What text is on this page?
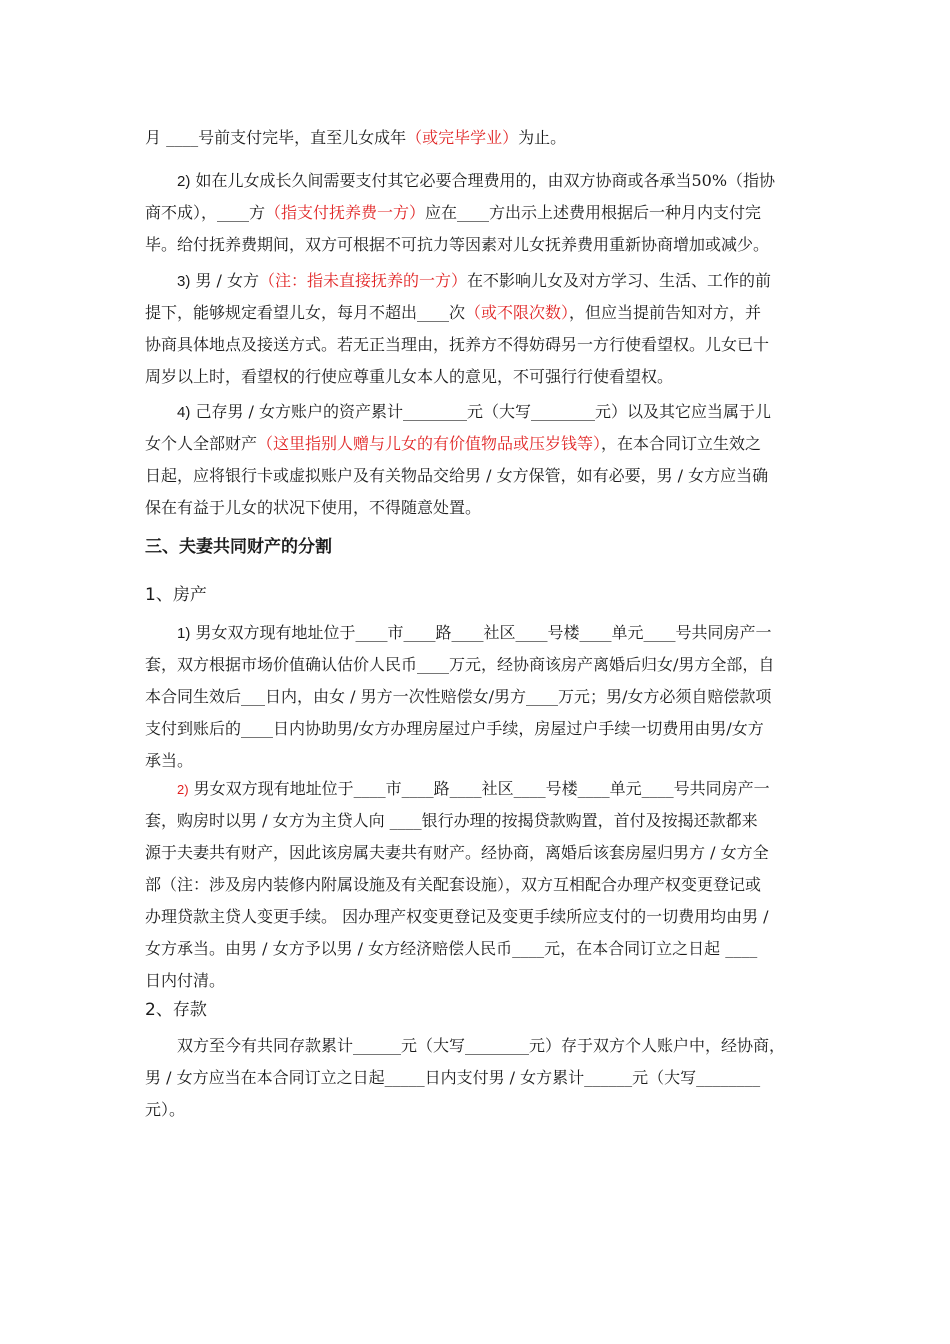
月 ____号前支付完毕，直至儿女成年（或完毕学业）为止。
　　2) 如在儿女成长久间需要支付其它必要合理费用的，由双方协商或各承当50%（指协
商不成），____方（指支付抚养费一方）应在____方出示上述费用根据后一种月内支付完
毕。给付抚养费期间，双方可根据不可抗力等因素对儿女抚养费用重新协商增加或减少。
　　3) 男 / 女方（注：指未直接抚养的一方）在不影响儿女及对方学习、生活、工作的前
提下，能够规定看望儿女，每月不超出____次（或不限次数），但应当提前告知对方，并
协商具体地点及接送方式。若无正当理由，抚养方不得妨碍另一方行使看望权。儿女已十
周岁以上时，看望权的行使应尊重儿女本人的意见，不可强行行使看望权。
　　4) 己存男 / 女方账户的资产累计________元（大写________元）以及其它应当属于儿
女个人全部财产（这里指别人赠与儿女的有价值物品或压岁钱等），在本合同订立生效之
日起，应将银行卡或虚拟账户及有关物品交给男 / 女方保管，如有必要，男 / 女方应当确
保在有益于儿女的状况下使用，不得随意处置。
三、夫妻共同财产的分割
1、房产
　　1) 男女双方现有地址位于____市____路____社区____号楼____单元____号共同房产一
套，双方根据市场价值确认估价人民币____万元，经协商该房产离婚后归女/男方全部，自
本合同生效后___日内，由女 / 男方一次性赔偿女/男方____万元；男/女方必须自赔偿款项
支付到账后的____日内协助男/女方办理房屋过户手续，房屋过户手续一切费用由男/女方
承当。
　　2) 男女双方现有地址位于____市____路____社区____号楼____单元____号共同房产一
套，购房时以男 / 女方为主贷人向 ____银行办理的按揭贷款购置，首付及按揭还款都来
源于夫妻共有财产，因此该房属夫妻共有财产。经协商，离婚后该套房屋归男方 / 女方全
部（注：涉及房内装修内附属设施及有关配套设施），双方互相配合办理产权变更登记或
办理贷款主贷人变更手续。 因办理产权变更登记及变更手续所应支付的一切费用均由男 /
女方承当。由男 / 女方予以男 / 女方经济赔偿人民币____元，在本合同订立之日起 ____
日内付清。
2、存款
　　双方至今有共同存款累计______元（大写________元）存于双方个人账户中，经协商，
男 / 女方应当在本合同订立之日起_____日内支付男 / 女方累计______元（大写________
元）。
